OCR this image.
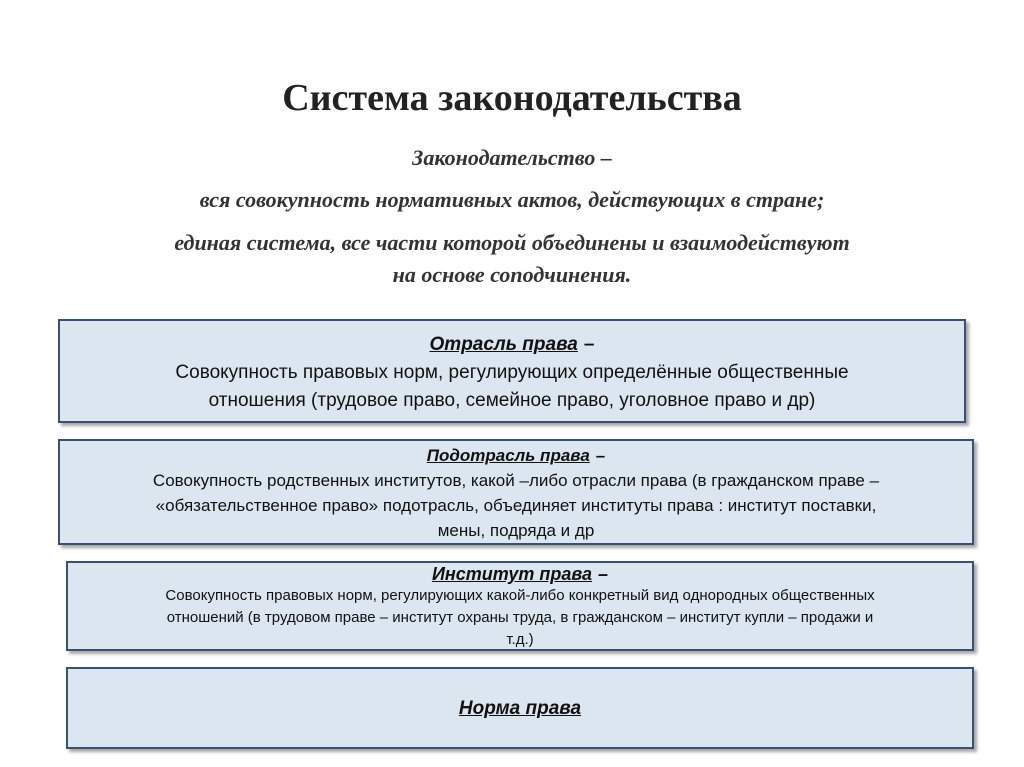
Система законодательства
Законодательство –
вся совокупность нормативных актов, действующих в стране;
единая система, все части которой объединены и взаимодействуют
на основе соподчинения.
Отрасль права –
Совокупность правовых норм, регулирующих определённые общественные
отношения (трудовое право, семейное право, уголовное право и др)
Подотрасль права –
Совокупность родственных институтов, какой –либо отрасли права (в гражданском праве –
«обязательственное право» подотрасль, объединяет институты права : институт поставки,
мены, подряда и др
Институт права –
Совокупность правовых норм, регулирующих какой-либо конкретный вид однородных общественных
отношений (в трудовом праве – институт охраны труда, в гражданском – институт купли – продажи и
т.д.)
Норма права
